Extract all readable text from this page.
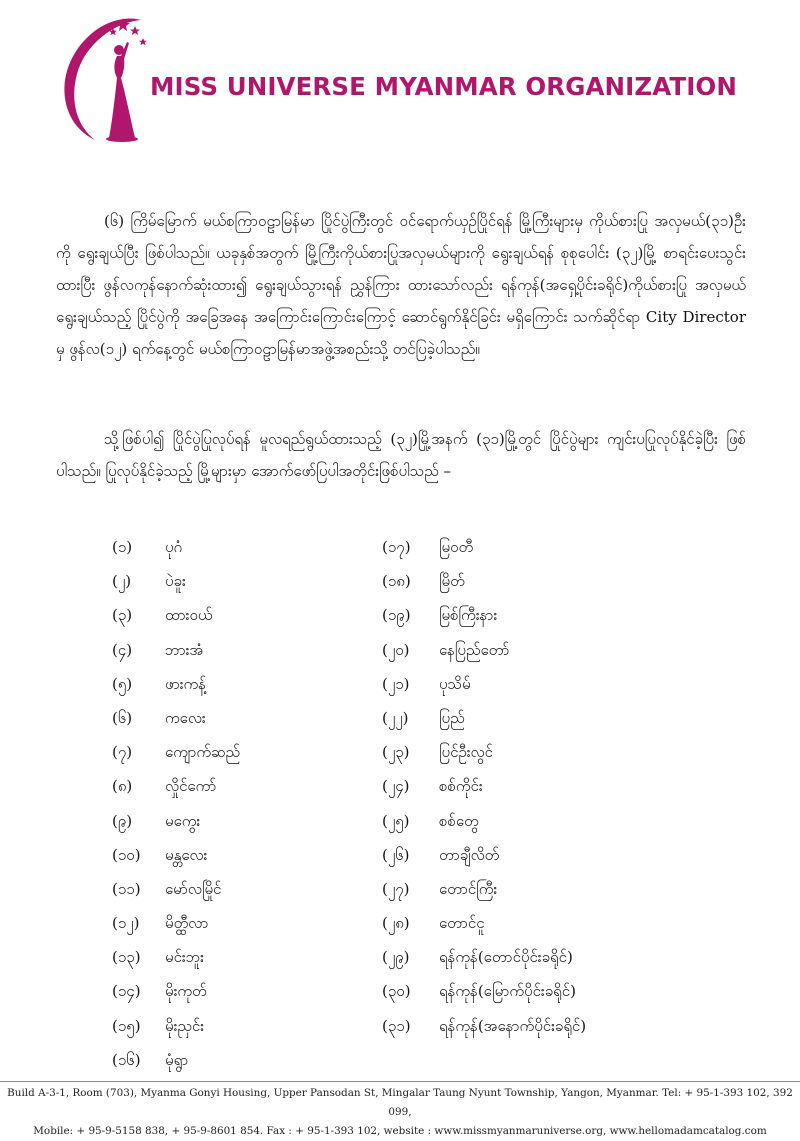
MISS UNIVERSE MYANMAR ORGANIZATION

(၆) ကြိမ်မြောက် မယ်စကြာဝဠာမြန်မာ ပြိုင်ပွဲကြီးတွင် ဝင်ရောက်ယှဉ်ပြိုင်ရန် မြို့ကြီးများမှ ကိုယ်စားပြု အလှမယ်(၃၁)ဦးကို ရွေးချယ်ပြီး ဖြစ်ပါသည်။ ယခုနှစ်အတွက် မြို့ကြီးကိုယ်စားပြုအလှမယ်များကို ရွေးချယ်ရန် စုစုပေါင်း (၃၂)မြို့ စာရင်းပေးသွင်းထားပြီး ဖွန်လကုန်နောက်ဆုံးထား၍ ရွေးချယ်သွားရန် ညွှန်ကြား ထားသော်လည်း ရန်ကုန်(အရှေ့ပိုင်းခရိုင်)ကိုယ်စားပြု အလှမယ်ရွေးချယ်သည့် ပြိုင်ပွဲကို အခြေအနေ အကြောင်းကြောင်းကြောင့် ဆောင်ရွက်နိုင်ခြင်း မရှိကြောင်း သက်ဆိုင်ရာ City Director မှ ဖွန်လ(၁၂) ရက်နေ့တွင် မယ်စကြာဝဠာမြန်မာအဖွဲ့အစည်းသို့ တင်ပြခဲ့ပါသည်။

သို့ဖြစ်ပါ၍ ပြိုင်ပွဲပြုလုပ်ရန် မူလရည်ရွယ်ထားသည့် (၃၂)မြို့အနက် (၃၁)မြို့တွင် ပြိုင်ပွဲများ ကျင်းပပြုလုပ်နိုင်ခဲ့ပြီး ဖြစ်ပါသည်။ ပြုလုပ်နိုင်ခဲ့သည့် မြို့များမှာ အောက်ဖော်ပြပါအတိုင်းဖြစ်ပါသည် –

(၁) ပုဂံ
(၂) ပဲခူး
(၃) ထားဝယ်
(၄) ဘားအံ
(၅) ဖားကန့်
(၆) ကလေး
(၇) ကျောက်ဆည်
(၈) လှိုင်ကော်
(၉) မကွေး
(၁၀) မန္တလေး
(၁၁) မော်လမြိုင်
(၁၂) မိတ္ထီလာ
(၁၃) မင်းဘူး
(၁၄) မိုးကုတ်
(၁၅) မိုးညှင်း
(၁၆) မုံရွာ
(၁၇) မြဝတီ
(၁၈) မြိတ်
(၁၉) မြစ်ကြီးနား
(၂၀) နေပြည်တော်
(၂၁) ပုသိမ်
(၂၂) ပြည်
(၂၃) ပြင်ဦးလွင်
(၂၄) စစ်ကိုင်း
(၂၅) စစ်တွေ
(၂၆) တာချီလိတ်
(၂၇) တောင်ကြီး
(၂၈) တောင်ငူ
(၂၉) ရန်ကုန်(တောင်ပိုင်းခရိုင်)
(၃၀) ရန်ကုန်(မြောက်ပိုင်းခရိုင်)
(၃၁) ရန်ကုန်(အနောက်ပိုင်းခရိုင်)
Build A-3-1, Room (703), Myanma Gonyi Housing, Upper Pansodan St, Mingalar Taung Nyunt Township, Yangon, Myanmar. Tel: + 95-1-393 102, 392 099,
Mobile: + 95-9-5158 838, + 95-9-8601 854. Fax : + 95-1-393 102, website : www.missmyanmaruniverse.org, www.hellomadamcatalog.com
